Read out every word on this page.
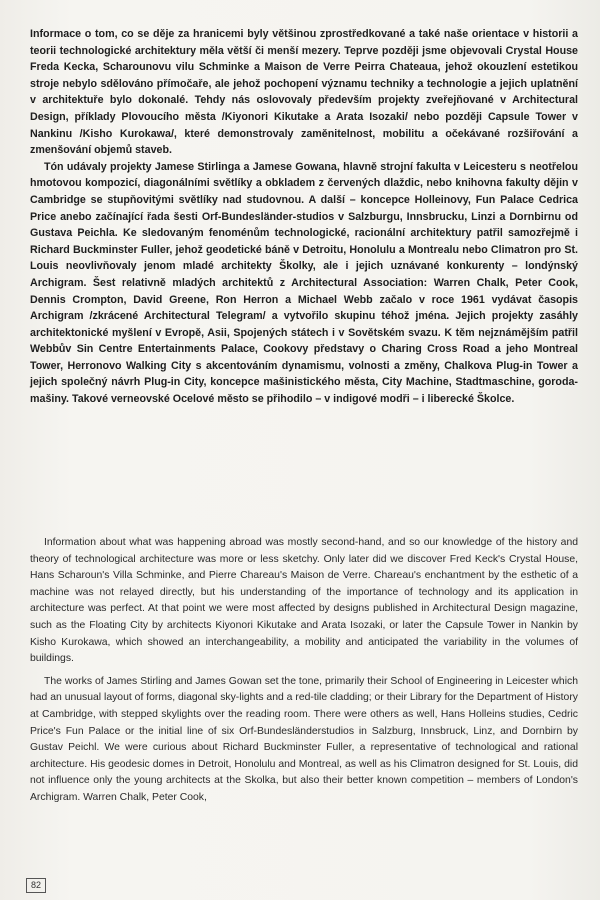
Informace o tom, co se děje za hranicemi byly většinou zprostředkované a také naše orientace v historii a teorii technologické architektury měla větší či menší mezery. Teprve později jsme objevovali Crystal House Freda Kecka, Scharounovu vilu Schminke a Maison de Verre Peirra Chateaua, jehož okouzlení estetikou stroje nebylo sdělováno přímočaře, ale jehož pochopení významu techniky a technologie a jejich uplatnění v architektuře bylo dokonalé. Tehdy nás oslovovaly především projekty zveřejňované v Architectural Design, příklady Plovoucího města /Kiyonori Kikutake a Arata Isozaki/ nebo později Capsule Tower v Nankinu /Kisho Kurokawa/, které demonstrovaly zaměnitelnost, mobilitu a očekávané rozšiřování a zmenšování objemů staveb.

Tón udávaly projekty Jamese Stirlinga a Jamese Gowana, hlavně strojní fakulta v Leicesteru s neotřelou hmotovou kompozicí, diagonálními světlíky a obkladem z červených dlaždic, nebo knihovna fakulty dějin v Cambridge se stupňovitými světlíky nad studovnou. A další – koncepce Holleinovy, Fun Palace Cedrica Price anebo začínající řada šesti Orf-Bundesländer-studios v Salzburgu, Innsbrucku, Linzi a Dornbirnu od Gustava Peichla. Ke sledovaným fenoménům technologické, racionální architektury patřil samozřejmě i Richard Buckminster Fuller, jehož geodetické báně v Detroitu, Honolulu a Montrealu nebo Climatron pro St. Louis neovlivňovaly jenom mladé architekty Školky, ale i jejich uznávané konkurenty – londýnský Archigram. Šest relativně mladých architektů z Architectural Association: Warren Chalk, Peter Cook, Dennis Crompton, David Greene, Ron Herron a Michael Webb začalo v roce 1961 vydávat časopis Archigram /zkrácené Architectural Telegram/ a vytvořilo skupinu téhož jména. Jejich projekty zasáhly architektonické myšlení v Evropě, Asii, Spojených státech i v Sovětském svazu. K těm nejznámějším patřil Webbův Sin Centre Entertainments Palace, Cookovy představy o Charing Cross Road a jeho Montreal Tower, Herronovo Walking City s akcentováním dynamismu, volnosti a změny, Chalkova Plug-in Tower a jejich společný návrh Plug-in City, koncepce mašinistického města, City Machine, Stadtmaschine, goroda-mašiny. Takové verneovské Ocelové město se přihodilo – v indigové modři – i liberecké Školce.

Information about what was happening abroad was mostly second-hand, and so our knowledge of the history and theory of technological architecture was more or less sketchy. Only later did we discover Fred Keck's Crystal House, Hans Scharoun's Villa Schminke, and Pierre Chareau's Maison de Verre. Chareau's enchantment by the esthetic of a machine was not relayed directly, but his understanding of the importance of technology and its application in architecture was perfect. At that point we were most affected by designs published in Architectural Design magazine, such as the Floating City by architects Kiyonori Kikutake and Arata Isozaki, or later the Capsule Tower in Nankin by Kisho Kurokawa, which showed an interchangeability, a mobility and anticipated the variability in the volumes of buildings.

The works of James Stirling and James Gowan set the tone, primarily their School of Engineering in Leicester which had an unusual layout of forms, diagonal sky-lights and a red-tile cladding; or their Library for the Department of History at Cambridge, with stepped skylights over the reading room. There were others as well, Hans Holleins studies, Cedric Price's Fun Palace or the initial line of six Orf-Bundesländerstudios in Salzburg, Innsbruck, Linz, and Dornbirn by Gustav Peichl. We were curious about Richard Buckminster Fuller, a representative of technological and rational architecture. His geodesic domes in Detroit, Honolulu and Montreal, as well as his Climatron designed for St. Louis, did not influence only the young architects at the Skolka, but also their better known competition – members of London's Archigram. Warren Chalk, Peter Cook,

82
